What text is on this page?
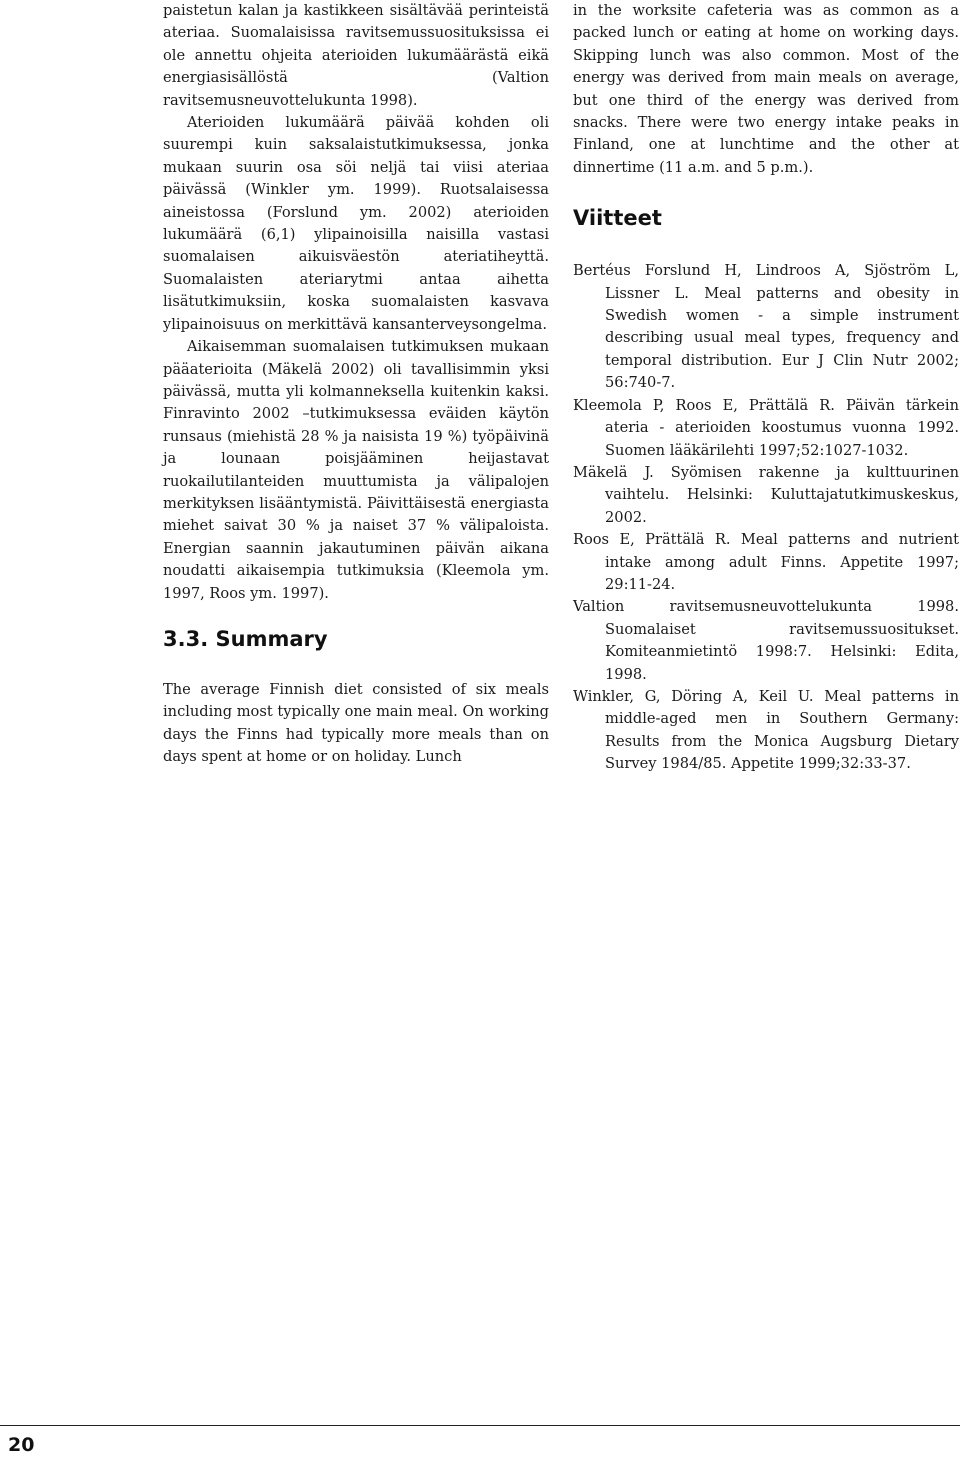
paistetun kalan ja kastikkeen sisältävää perinteistä ateriaa. Suomalaisissa ravitsemussuosituksissa ei ole annettu ohjeita aterioiden lukumäärästä eikä energiasisällöstä (Valtion ravitsemusneuvottelukunta 1998).

Aterioiden lukumäärä päivää kohden oli suurempi kuin saksalaistutkimuksessa, jonka mukaan suurin osa söi neljä tai viisi ateriaa päivässä (Winkler ym. 1999). Ruotsalaisessa aineistossa (Forslund ym. 2002) aterioiden lukumäärä (6,1) ylipainoisilla naisilla vastasi suomalaisen aikuisväestön ateriatiheyttä. Suomalaisten ateriarytmi antaa aihetta lisätutkimuksiin, koska suomalaisten kasvava ylipainoisuus on merkittävä kansanterveysongelma.

Aikaisemman suomalaisen tutkimuksen mukaan pääaterioita (Mäkelä 2002) oli tavallisimmin yksi päivässä, mutta yli kolmanneksella kuitenkin kaksi. Finravinto 2002 –tutkimuksessa eväiden käytön runsaus (miehistä 28 % ja naisista 19 %) työpäivinä ja lounaan poisjääminen heijastavat ruokailutilanteiden muuttumista ja välipalojen merkityksen lisääntymistä. Päivittäisestä energiasta miehet saivat 30 % ja naiset 37 % välipaloista. Energian saannin jakautuminen päivän aikana noudatti aikaisempia tutkimuksia (Kleemola ym. 1997, Roos ym. 1997).

3.3. Summary

The average Finnish diet consisted of six meals including most typically one main meal. On working days the Finns had typically more meals than on days spent at home or on holiday. Lunch

in the worksite cafeteria was as common as a packed lunch or eating at home on working days. Skipping lunch was also common. Most of the energy was derived from main meals on average, but one third of the energy was derived from snacks. There were two energy intake peaks in Finland, one at lunchtime and the other at dinnertime (11 a.m. and 5 p.m.).

Viitteet
Bertéus Forslund H, Lindroos A, Sjöström L, Lissner L. Meal patterns and obesity in Swedish women - a simple instrument describing usual meal types, frequency and temporal distribution. Eur J Clin Nutr 2002; 56:740-7.
Kleemola P, Roos E, Prättälä R. Päivän tärkein ateria - aterioiden koostumus vuonna 1992. Suomen lääkärilehti 1997;52:1027-1032.
Mäkelä J. Syömisen rakenne ja kulttuurinen vaihtelu. Helsinki: Kuluttajatutkimuskeskus, 2002.
Roos E, Prättälä R. Meal patterns and nutrient intake among adult Finns. Appetite 1997; 29:11-24.
Valtion ravitsemusneuvottelukunta 1998. Suomalaiset ravitsemussuositukset. Komiteanmietintö 1998:7. Helsinki: Edita, 1998.
Winkler, G, Döring A, Keil U. Meal patterns in middle-aged men in Southern Germany: Results from the Monica Augsburg Dietary Survey 1984/85. Appetite 1999;32:33-37.
20
